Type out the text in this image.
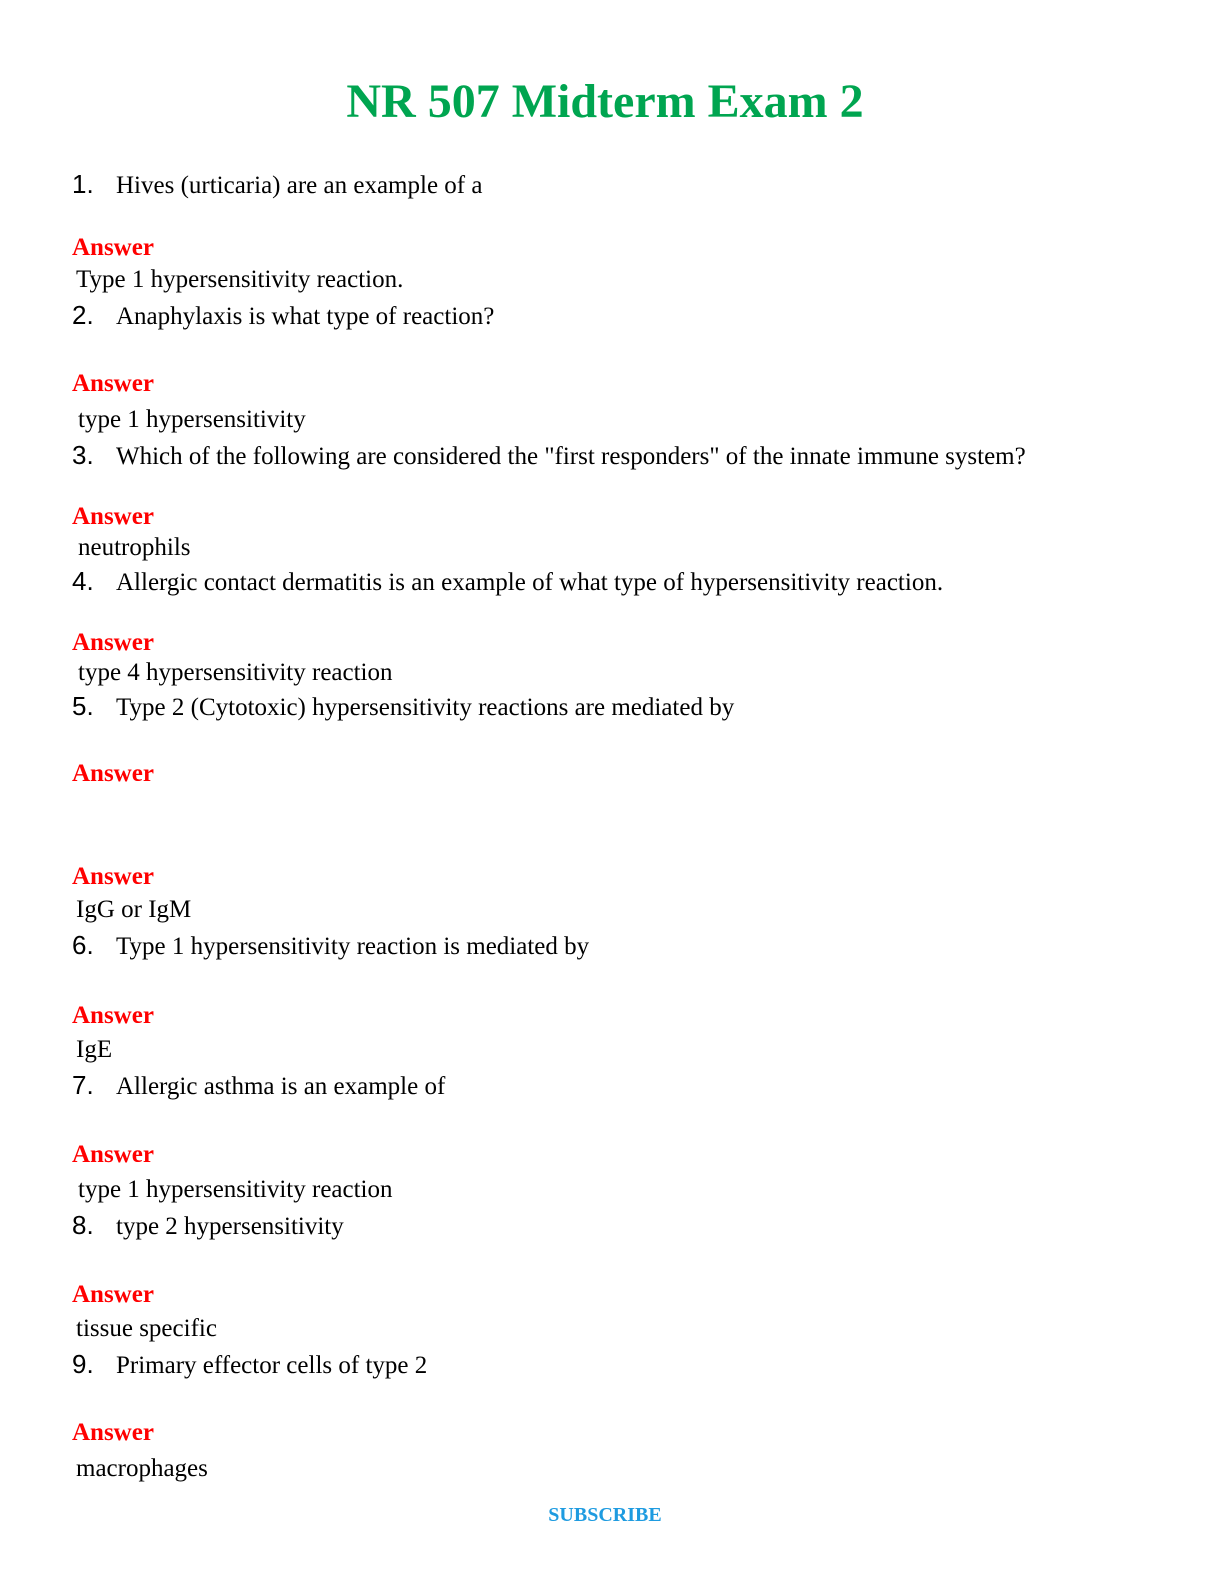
NR 507 Midterm Exam 2
1. Hives (urticaria) are an example of a
Answer
Type 1 hypersensitivity reaction.
2. Anaphylaxis is what type of reaction?
Answer
type 1 hypersensitivity
3. Which of the following are considered the "first responders" of the innate immune system?
Answer
neutrophils
4. Allergic contact dermatitis is an example of what type of hypersensitivity reaction.
Answer
type 4 hypersensitivity reaction
5. Type 2 (Cytotoxic) hypersensitivity reactions are mediated by
Answer
Answer
IgG or IgM
6. Type 1 hypersensitivity reaction is mediated by
Answer
IgE
7. Allergic asthma is an example of
Answer
type 1 hypersensitivity reaction
8. type 2 hypersensitivity
Answer
tissue specific
9. Primary effector cells of type 2
Answer
macrophages
SUBSCRIBE
